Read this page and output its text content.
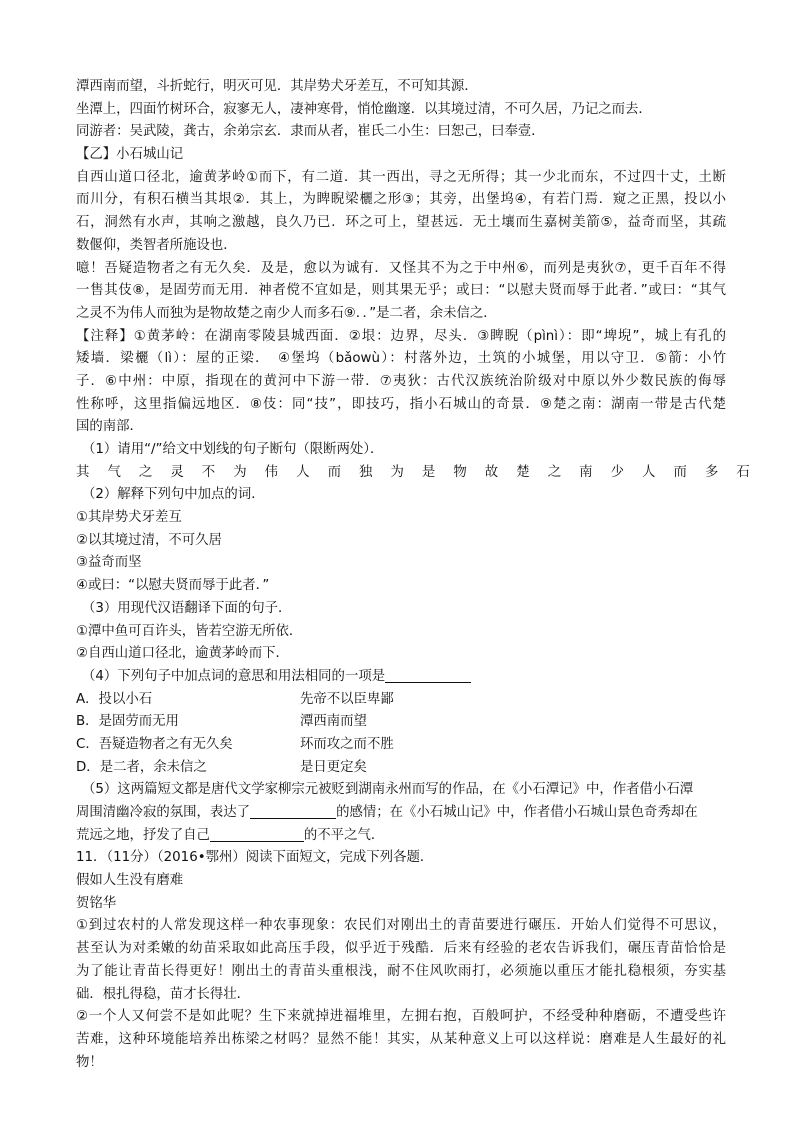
潭西南而望，斗折蛇行，明灭可见．其岸势犬牙差互，不可知其源．
坐潭上，四面竹树环合，寂寥无人，凄神寒骨，悄怆幽邃．以其境过清，不可久居，乃记之而去．
同游者：吴武陵，龚古，余弟宗玄．隶而从者，崔氏二小生：曰恕己，曰奉壹．
【乙】小石城山记
自西山道口径北，逾黄茅岭①而下，有二道．其一西出，寻之无所得；其一少北而东，不过四十丈，土断
而川分，有积石横当其垠②．其上，为睥睨梁欐之形③；其旁，出堡坞④，有若门焉．窥之正黑，投以小
石，洞然有水声，其响之激越，良久乃已．环之可上，望甚远．无土壤而生嘉树美箭⑤，益奇而坚，其疏
数偃仰，类智者所施设也．
噫！吾疑造物者之有无久矣．及是，愈以为诚有．又怪其不为之于中州⑥，而列是夷狄⑦，更千百年不得
一售其伎⑧，是固劳而无用．神者傥不宜如是，则其果无乎；或曰：“以慰夫贤而辱于此者．”或曰：“其气
之灵不为伟人而独为是物故楚之南少人而多石⑨．．”是二者，余未信之．
【注释】①黄茅岭：在湖南零陵县城西面．②垠：边界，尽头．③睥睨（pìnì）：即“埤堄”，城上有孔的
矮墙．梁欐（lì）：屋的正梁．　④堡坞（bǎowù）：村落外边，土筑的小城堡，用以守卫．⑤箭：小竹
子．⑥中州：中原，指现在的黄河中下游一带．⑦夷狄：古代汉族统治阶级对中原以外少数民族的侮辱
性称呼，这里指偏远地区．⑧伎：同“技”，即技巧，指小石城山的奇景．⑨楚之南：湖南一带是古代楚
国的南部．
（1）请用“/”给文中划线的句子断句（限断两处）．
其 气 之 灵 不 为 伟 人 而 独 为 是 物 故 楚 之 南 少 人 而 多 石
（2）解释下列句中加点的词．
①其岸势犬牙差互
②以其境过清，不可久居
③益奇而坚
④或曰：“以慰夫贤而辱于此者．”
（3）用现代汉语翻译下面的句子．
①潭中鱼可百许头，皆若空游无所依．
②自西山道口径北，逾黄茅岭而下．
（4）下列句子中加点词的意思和用法相同的一项是
A．投以小石	先帝不以臣卑鄙
B．是固劳而无用	潭西南而望
C．吾疑造物者之有无久矣	环而攻之而不胜
D．是二者，余未信之	是日更定矣
（5）这两篇短文都是唐代文学家柳宗元被贬到湖南永州而写的作品，在《小石潭记》中，作者借小石潭
周围清幽冷寂的氛围，表达了	的感情；在《小石城山记》中，作者借小石城山景色奇秀却在
荒远之地，抒发了自己	的不平之气．
11．（11分）（2016•鄂州）阅读下面短文，完成下列各题．
假如人生没有磨难
贺铭华
①到过农村的人常发现这样一种农事现象：农民们对刚出土的青苗要进行碾压．开始人们觉得不可思议，
甚至认为对柔嫩的幼苗采取如此高压手段，似乎近于残酷．后来有经验的老农告诉我们，碾压青苗恰恰是
为了能让青苗长得更好！刚出土的青苗头重根浅，耐不住风吹雨打，必须施以重压才能扎稳根须，夯实基
础．根扎得稳，苗才长得壮．
②一个人又何尝不是如此呢？生下来就掉进福堆里，左拥右抱，百般呵护，不经受种种磨砺，不遭受些许
苦难，这种环境能培养出栋梁之材吗？显然不能！其实，从某种意义上可以这样说：磨难是人生最好的礼
物！
